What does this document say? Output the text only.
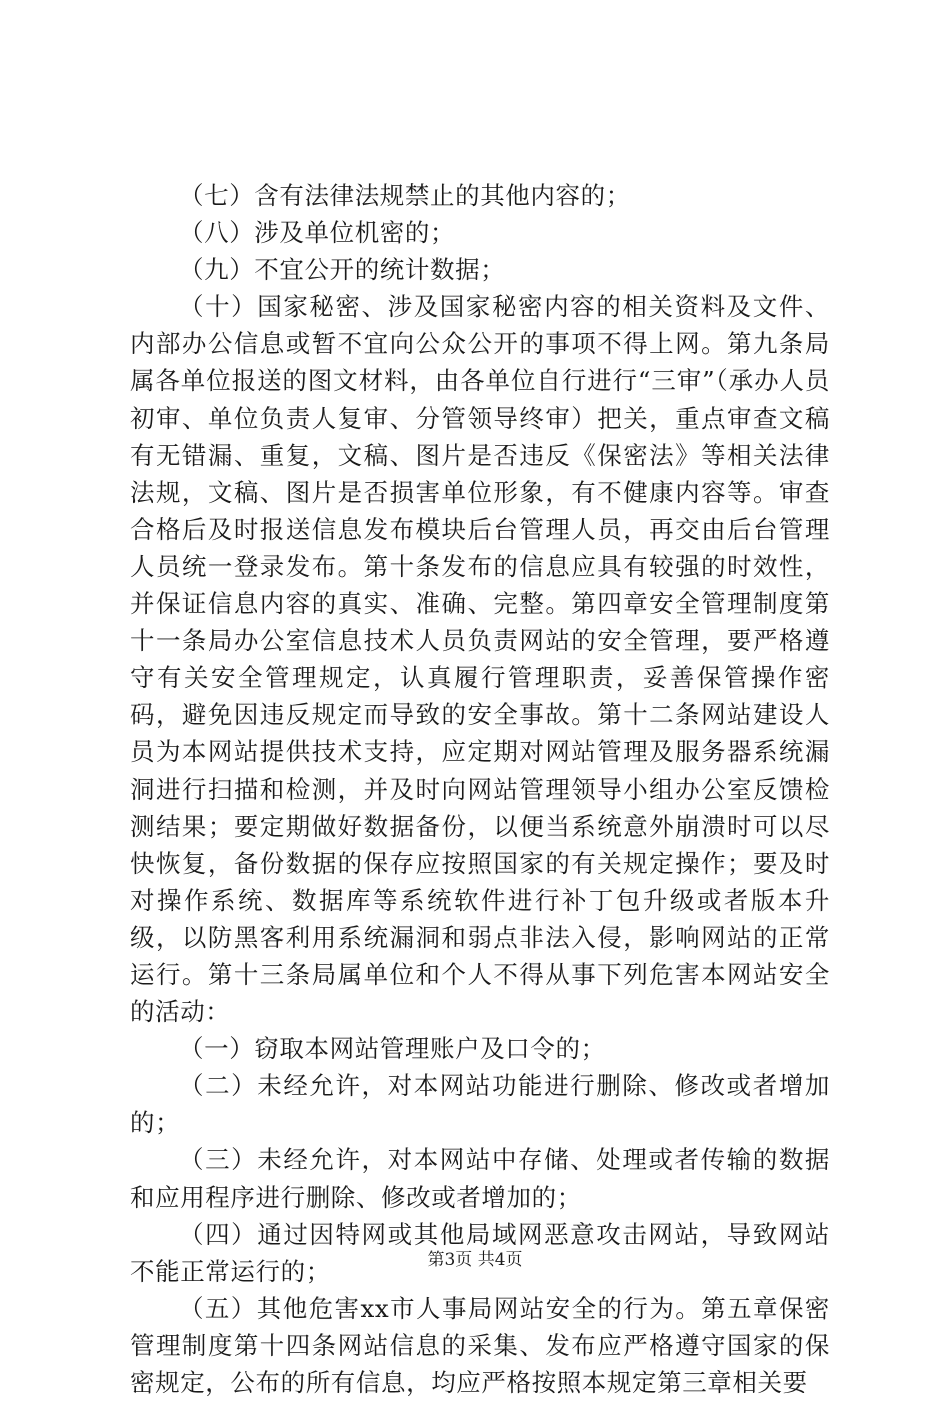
（七）含有法律法规禁止的其他内容的；

（八）涉及单位机密的；

（九）不宜公开的统计数据；

（十）国家秘密、涉及国家秘密内容的相关资料及文件、内部办公信息或暂不宜向公众公开的事项不得上网。第九条局属各单位报送的图文材料，由各单位自行进行“三审”（承办人员初审、单位负责人复审、分管领导终审）把关，重点审查文稿有无错漏、重复，文稿、图片是否违反《保密法》等相关法律法规，文稿、图片是否损害单位形象，有不健康内容等。审查合格后及时报送信息发布模块后台管理人员，再交由后台管理人员统一登录发布。第十条发布的信息应具有较强的时效性，并保证信息内容的真实、准确、完整。第四章安全管理制度第十一条局办公室信息技术人员负责网站的安全管理，要严格遵守有关安全管理规定，认真履行管理职责，妥善保管操作密码，避免因违反规定而导致的安全事故。第十二条网站建设人员为本网站提供技术支持，应定期对网站管理及服务器系统漏洞进行扫描和检测，并及时向网站管理领导小组办公室反馈检测结果；要定期做好数据备份，以便当系统意外崩溃时可以尽快恢复，备份数据的保存应按照国家的有关规定操作；要及时对操作系统、数据库等系统软件进行补丁包升级或者版本升级，以防黑客利用系统漏洞和弱点非法入侵，影响网站的正常运行。第十三条局属单位和个人不得从事下列危害本网站安全的活动：

（一）窃取本网站管理账户及口令的；

（二）未经允许，对本网站功能进行删除、修改或者增加的；

（三）未经允许，对本网站中存储、处理或者传输的数据和应用程序进行删除、修改或者增加的；

（四）通过因特网或其他局域网恶意攻击网站，导致网站不能正常运行的；

（五）其他危害xx市人事局网站安全的行为。第五章保密管理制度第十四条网站信息的采集、发布应严格遵守国家的保密规定，公布的所有信息，均应严格按照本规定第三章相关要

第3页 共4页
